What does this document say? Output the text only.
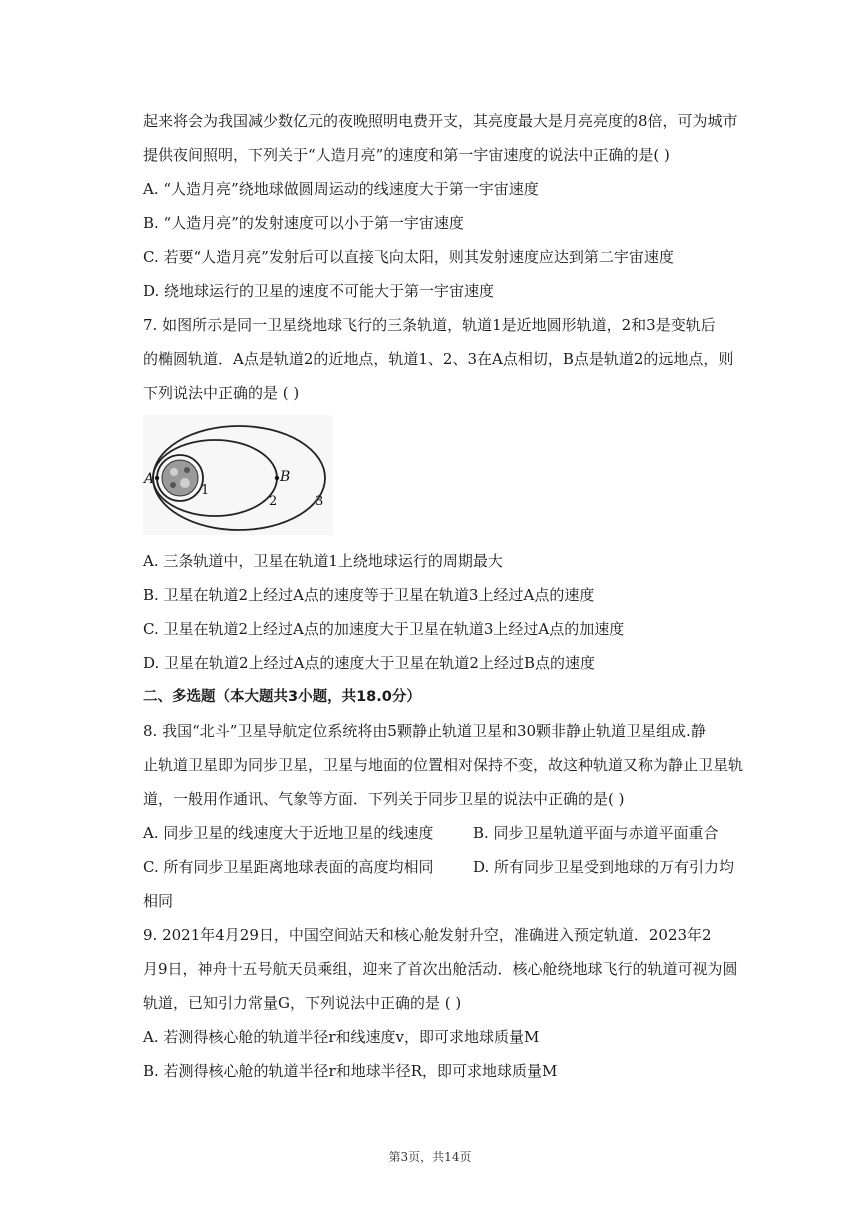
起来将会为我国减少数亿元的夜晚照明电费开支，其亮度最大是月亮亮度的8倍，可为城市
提供夜间照明，下列关于“人造月亮”的速度和第一宇宙速度的说法中正确的是( )
A. “人造月亮”绕地球做圆周运动的线速度大于第一宇宙速度
B. “人造月亮”的发射速度可以小于第一宇宙速度
C. 若要“人造月亮”发射后可以直接飞向太阳，则其发射速度应达到第二宇宙速度
D. 绕地球运行的卫星的速度不可能大于第一宇宙速度
7. 如图所示是同一卫星绕地球飞行的三条轨道，轨道1是近地圆形轨道，2和3是变轨后
的椭圆轨道．A点是轨道2的近地点，轨道1、2、3在A点相切，B点是轨道2的远地点，则
下列说法中正确的是 ( )
A	B
1
2	3
A. 三条轨道中，卫星在轨道1上绕地球运行的周期最大
B. 卫星在轨道2上经过A点的速度等于卫星在轨道3上经过A点的速度
C. 卫星在轨道2上经过A点的加速度大于卫星在轨道3上经过A点的加速度
D. 卫星在轨道2上经过A点的速度大于卫星在轨道2上经过B点的速度
二、多选题（本大题共3小题，共18.0分）
8. 我国“北斗”卫星导航定位系统将由5颗静止轨道卫星和30颗非静止轨道卫星组成.静
止轨道卫星即为同步卫星，卫星与地面的位置相对保持不变，故这种轨道又称为静止卫星轨
道，一般用作通讯、气象等方面．下列关于同步卫星的说法中正确的是( )
A. 同步卫星的线速度大于近地卫星的线速度	B. 同步卫星轨道平面与赤道平面重合
C. 所有同步卫星距离地球表面的高度均相同	D. 所有同步卫星受到地球的万有引力均
相同
9. 2021年4月29日，中国空间站天和核心舱发射升空，准确进入预定轨道．2023年2
月9日，神舟十五号航天员乘组，迎来了首次出舱活动．核心舱绕地球飞行的轨道可视为圆
轨道，已知引力常量G，下列说法中正确的是 ( )
A. 若测得核心舱的轨道半径r和线速度v，即可求地球质量M
B. 若测得核心舱的轨道半径r和地球半径R，即可求地球质量M
第3页，共14页
